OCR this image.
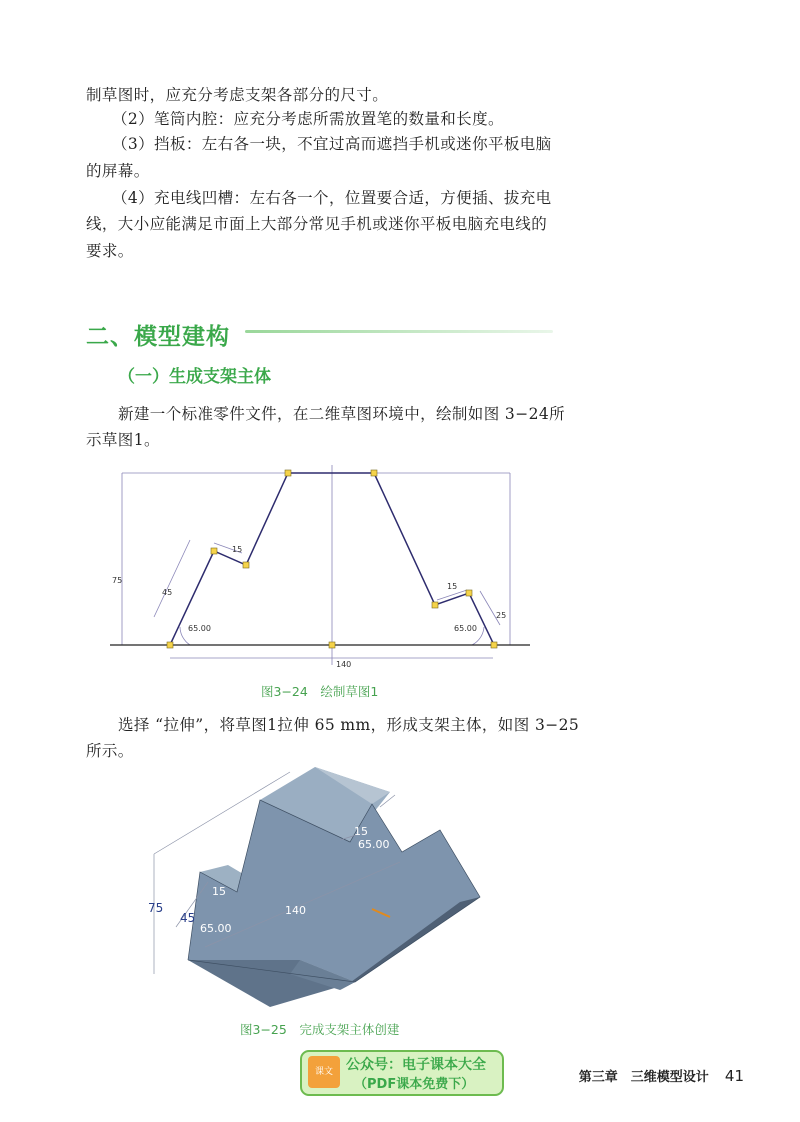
制草图时，应充分考虑支架各部分的尺寸。

（2）笔筒内腔：应充分考虑所需放置笔的数量和长度。

（3）挡板：左右各一块，不宜过高而遮挡手机或迷你平板电脑

的屏幕。

（4）充电线凹槽：左右各一个，位置要合适，方便插、拔充电

线，大小应能满足市面上大部分常见手机或迷你平板电脑充电线的

要求。

二、模型建构
（一）生成支架主体

新建一个标准零件文件，在二维草图环境中，绘制如图 3−24所

示草图1。

75
45
15
65.00
15
25
65.00
140
图3−24　绘制草图1

选择 “拉伸”，将草图1拉伸 65 mm，形成支架主体，如图 3−25

所示。

75
45
15
65.00
140
25
15
65.00
图3−25　完成支架主体创建
课文 公众号：电子课本大全
（PDF课本免费下）	第三章　三维模型设计 41
